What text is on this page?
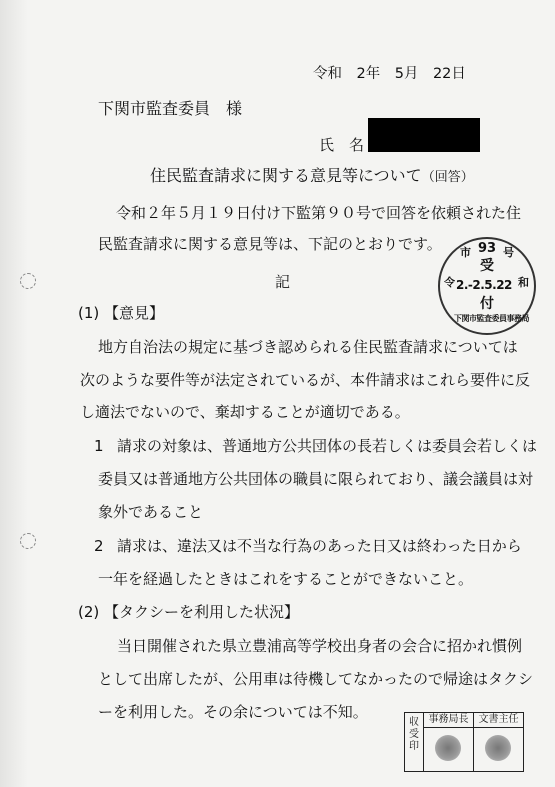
令和　2年　5月　22日
下関市監査委員　様
氏　名
住民監査請求に関する意見等について（回答）
令和２年５月１９日付け下監第９０号で回答を依頼された住
民監査請求に関する意見等は、下記のとおりです。 市 93 号
受
令 2.-2.5.22 和
付
下関市監査委員事務局
記
(1) 【意見】
地方自治法の規定に基づき認められる住民監査請求については
次のような要件等が法定されているが、本件請求はこれら要件に反
し適法でないので、棄却することが適切である。
1 請求の対象は、普通地方公共団体の長若しくは委員会若しくは
委員又は普通地方公共団体の職員に限られており、議会議員は対
象外であること
2 請求は、違法又は不当な行為のあった日又は終わった日から
一年を経過したときはこれをすることができないこと。
(2) 【タクシーを利用した状況】
当日開催された県立豊浦高等学校出身者の会合に招かれ慣例
として出席したが、公用車は待機してなかったので帰途はタクシ
ーを利用した。その余については不知。
収受印
事務局長	文書主任
